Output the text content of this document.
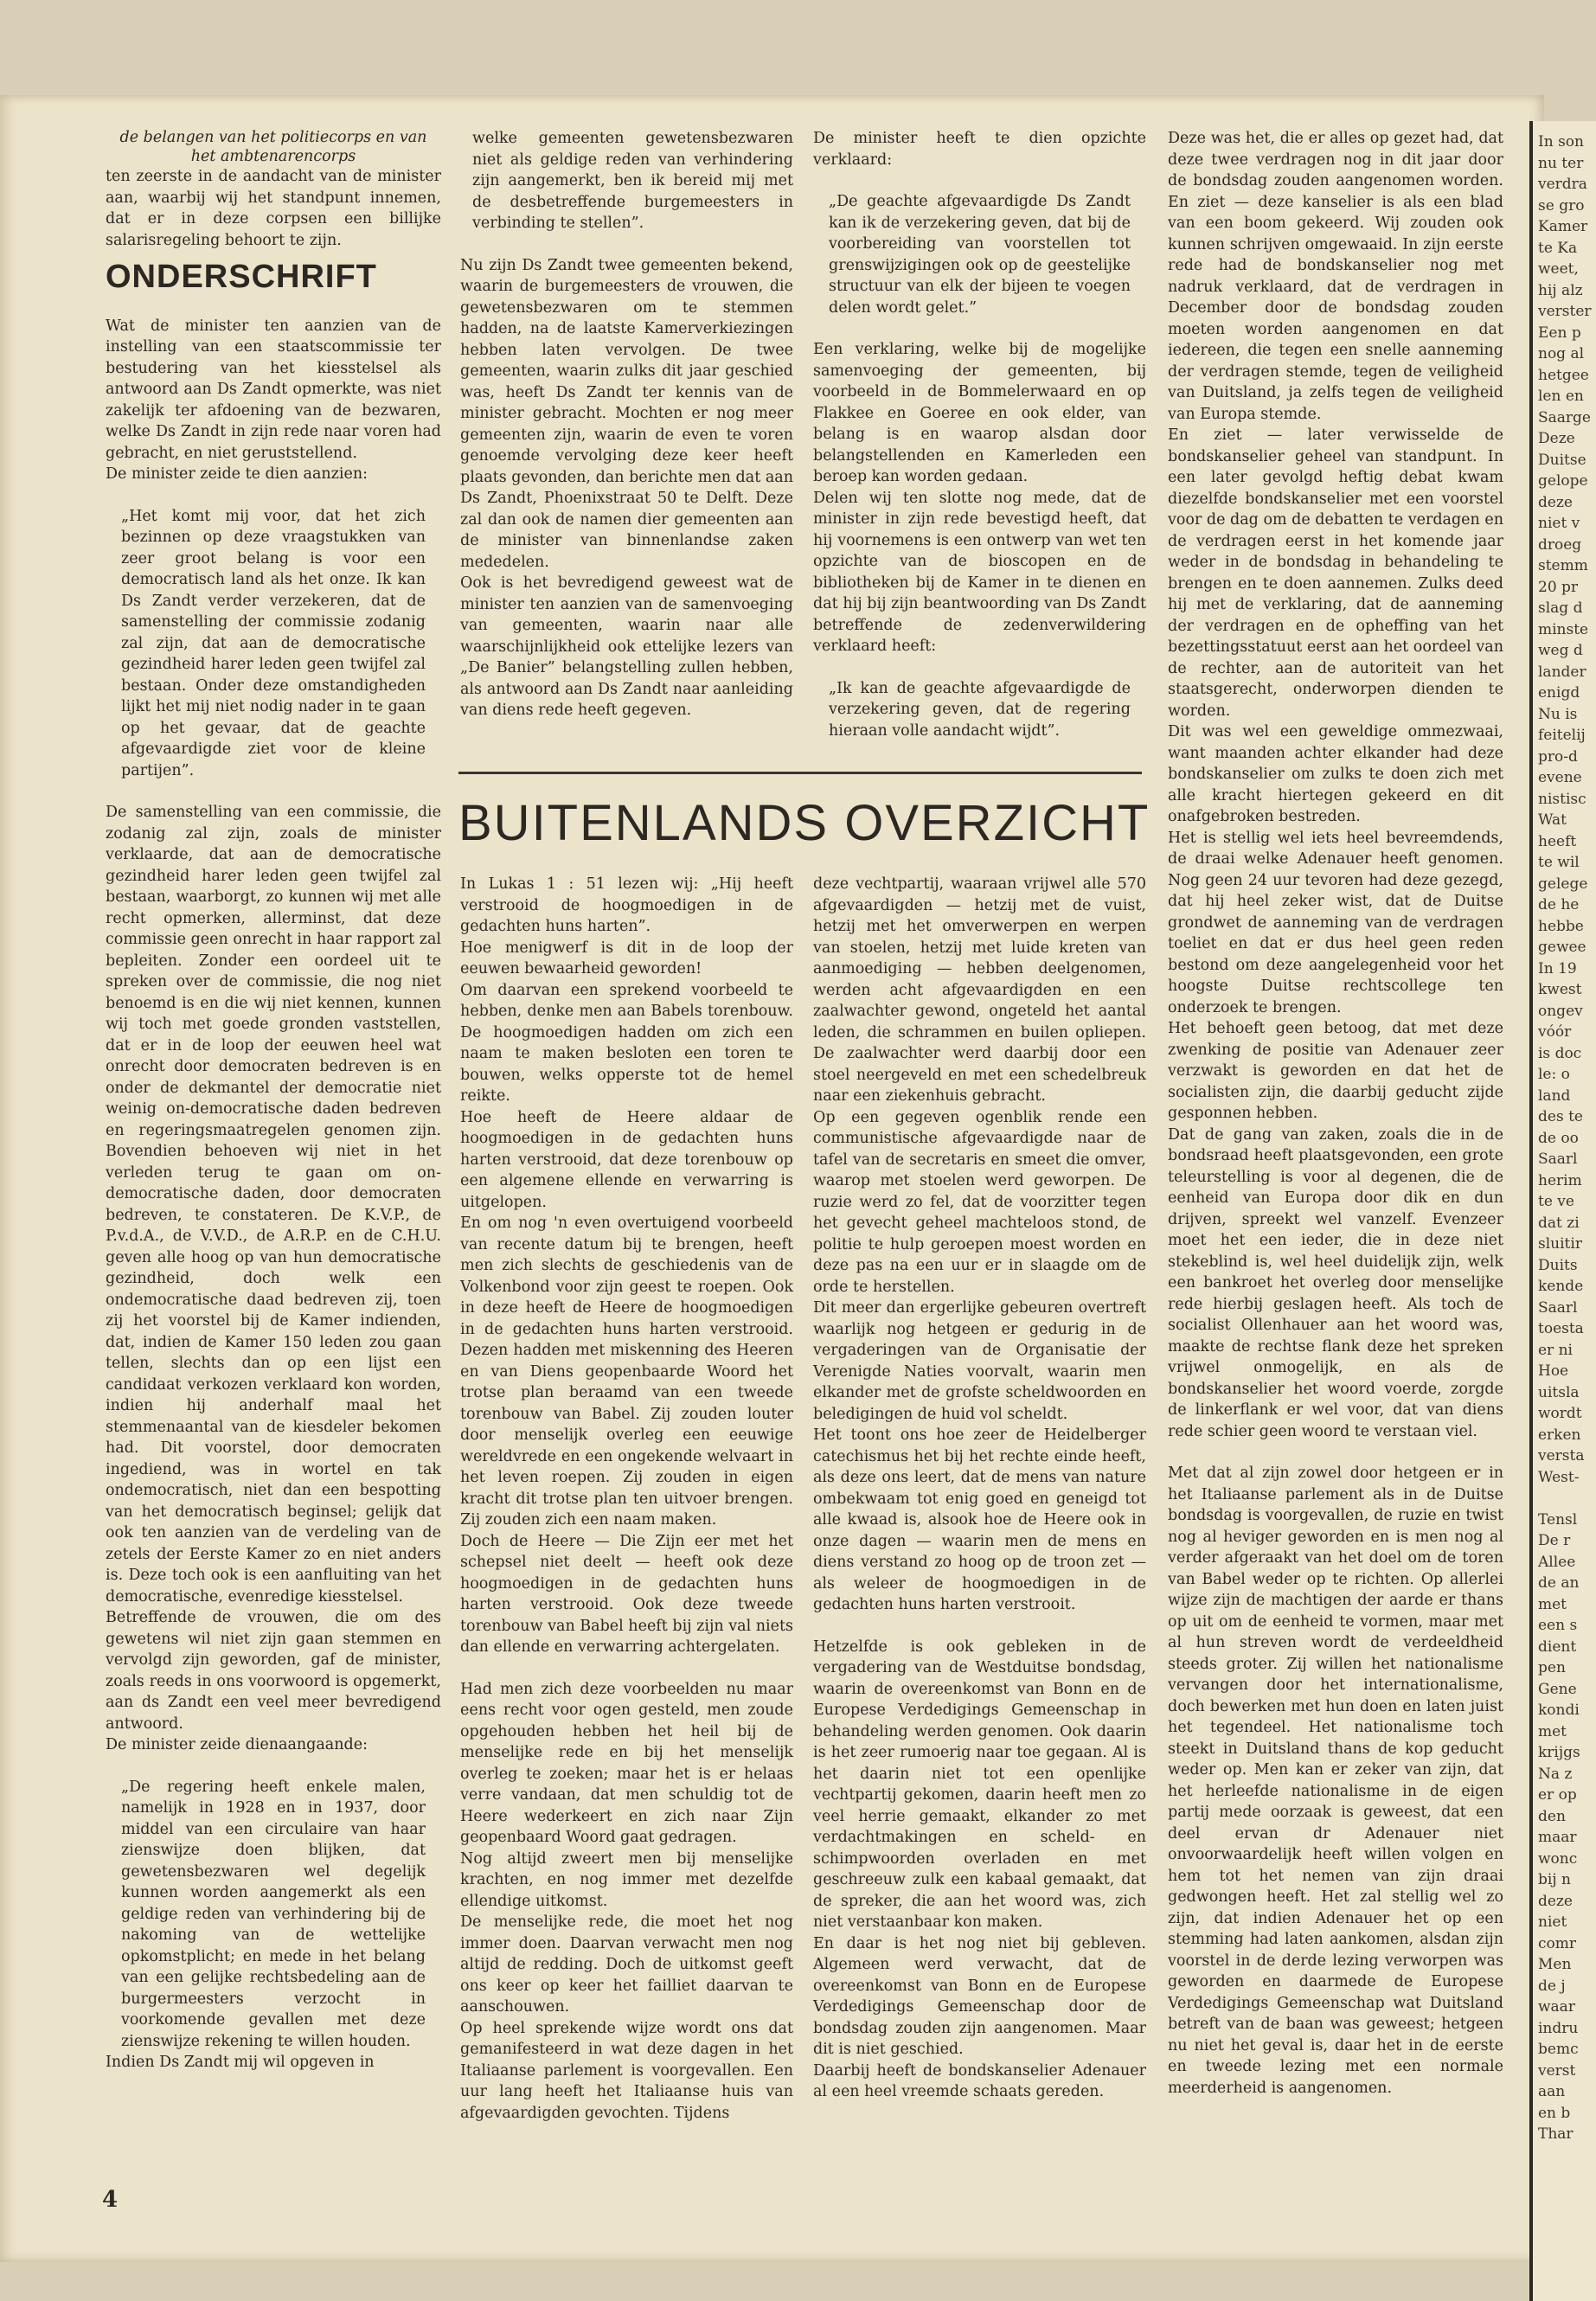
de belangen van het politiecorps en van het ambtenarencorps

ten zeerste in de aandacht van de minister aan, waarbij wij het standpunt innemen, dat er in deze corpsen een billijke salarisregeling behoort te zijn.

ONDERSCHRIFT

Wat de minister ten aanzien van de instelling van een staatscommissie ter bestudering van het kiesstelsel als antwoord aan Ds Zandt opmerkte, was niet zakelijk ter afdoening van de bezwaren, welke Ds Zandt in zijn rede naar voren had gebracht, en niet geruststellend.

De minister zeide te dien aanzien:

„Het komt mij voor, dat het zich bezinnen op deze vraagstukken van zeer groot belang is voor een democratisch land als het onze. Ik kan Ds Zandt verder verzekeren, dat de samenstelling der commissie zodanig zal zijn, dat aan de democratische gezindheid harer leden geen twijfel zal bestaan. Onder deze omstandigheden lijkt het mij niet nodig nader in te gaan op het gevaar, dat de geachte afgevaardigde ziet voor de kleine partijen”.

De samenstelling van een commissie, die zodanig zal zijn, zoals de minister verklaarde, dat aan de democratische gezindheid harer leden geen twijfel zal bestaan, waarborgt, zo kunnen wij met alle recht opmerken, allerminst, dat deze commissie geen onrecht in haar rapport zal bepleiten. Zonder een oordeel uit te spreken over de commissie, die nog niet benoemd is en die wij niet kennen, kunnen wij toch met goede gronden vaststellen, dat er in de loop der eeuwen heel wat onrecht door democraten bedreven is en onder de dekmantel der democratie niet weinig on-democratische daden bedreven en regeringsmaatregelen genomen zijn. Bovendien behoeven wij niet in het verleden terug te gaan om on-democratische daden, door democraten bedreven, te constateren. De K.V.P., de P.v.d.A., de V.V.D., de A.R.P. en de C.H.U. geven alle hoog op van hun democratische gezindheid, doch welk een ondemocratische daad bedreven zij, toen zij het voorstel bij de Kamer indienden, dat, indien de Kamer 150 leden zou gaan tellen, slechts dan op een lijst een candidaat verkozen verklaard kon worden, indien hij anderhalf maal het stemmenaantal van de kiesdeler bekomen had. Dit voorstel, door democraten ingediend, was in wortel en tak ondemocratisch, niet dan een bespotting van het democratisch beginsel; gelijk dat ook ten aanzien van de verdeling van de zetels der Eerste Kamer zo en niet anders is. Deze toch ook is een aanfluiting van het democratische, evenredige kiesstelsel.

Betreffende de vrouwen, die om des gewetens wil niet zijn gaan stemmen en vervolgd zijn geworden, gaf de minister, zoals reeds in ons voorwoord is opgemerkt, aan ds Zandt een veel meer bevredigend antwoord.

De minister zeide dienaangaande:

„De regering heeft enkele malen, namelijk in 1928 en in 1937, door middel van een circulaire van haar zienswijze doen blijken, dat gewetensbezwaren wel degelijk kunnen worden aangemerkt als een geldige reden van verhindering bij de nakoming van de wettelijke opkomstplicht; en mede in het belang van een gelijke rechtsbedeling aan de burgermeesters verzocht in voorkomende gevallen met deze zienswijze rekening te willen houden.

Indien Ds Zandt mij wil opgeven in

welke gemeenten gewetensbezwaren niet als geldige reden van verhindering zijn aangemerkt, ben ik bereid mij met de desbetreffende burgemeesters in verbinding te stellen”.

Nu zijn Ds Zandt twee gemeenten bekend, waarin de burgemeesters de vrouwen, die gewetensbezwaren om te stemmen hadden, na de laatste Kamerverkiezingen hebben laten vervolgen. De twee gemeenten, waarin zulks dit jaar geschied was, heeft Ds Zandt ter kennis van de minister gebracht. Mochten er nog meer gemeenten zijn, waarin de even te voren genoemde vervolging deze keer heeft plaats gevonden, dan berichte men dat aan Ds Zandt, Phoenixstraat 50 te Delft. Deze zal dan ook de namen dier gemeenten aan de minister van binnenlandse zaken mededelen.

Ook is het bevredigend geweest wat de minister ten aanzien van de samenvoeging van gemeenten, waarin naar alle waarschijnlijkheid ook ettelijke lezers van „De Banier” belangstelling zullen hebben, als antwoord aan Ds Zandt naar aanleiding van diens rede heeft gegeven.

De minister heeft te dien opzichte verklaard:

„De geachte afgevaardigde Ds Zandt kan ik de verzekering geven, dat bij de voorbereiding van voorstellen tot grenswijzigingen ook op de geestelijke structuur van elk der bijeen te voegen delen wordt gelet.”

Een verklaring, welke bij de mogelijke samenvoeging der gemeenten, bij voorbeeld in de Bommelerwaard en op Flakkee en Goeree en ook elder, van belang is en waarop alsdan door belangstellenden en Kamerleden een beroep kan worden gedaan.

Delen wij ten slotte nog mede, dat de minister in zijn rede bevestigd heeft, dat hij voornemens is een ontwerp van wet ten opzichte van de bioscopen en de bibliotheken bij de Kamer in te dienen en dat hij bij zijn beantwoording van Ds Zandt betreffende de zedenverwildering verklaard heeft:

„Ik kan de geachte afgevaardigde de verzekering geven, dat de regering hieraan volle aandacht wijdt”.

BUITENLANDS OVERZICHT

In Lukas 1 : 51 lezen wij: „Hij heeft verstrooid de hoogmoedigen in de gedachten huns harten”.

Hoe menigwerf is dit in de loop der eeuwen bewaarheid geworden!

Om daarvan een sprekend voorbeeld te hebben, denke men aan Babels torenbouw. De hoogmoedigen hadden om zich een naam te maken besloten een toren te bouwen, welks opperste tot de hemel reikte.

Hoe heeft de Heere aldaar de hoogmoedigen in de gedachten huns harten verstrooid, dat deze torenbouw op een algemene ellende en verwarring is uitgelopen.

En om nog 'n even overtuigend voorbeeld van recente datum bij te brengen, heeft men zich slechts de geschiedenis van de Volkenbond voor zijn geest te roepen. Ook in deze heeft de Heere de hoogmoedigen in de gedachten huns harten verstrooid. Dezen hadden met miskenning des Heeren en van Diens geopenbaarde Woord het trotse plan beraamd van een tweede torenbouw van Babel. Zij zouden louter door menselijk overleg een eeuwige wereldvrede en een ongekende welvaart in het leven roepen. Zij zouden in eigen kracht dit trotse plan ten uitvoer brengen. Zij zouden zich een naam maken.

Doch de Heere — Die Zijn eer met het schepsel niet deelt — heeft ook deze hoogmoedigen in de gedachten huns harten verstrooid. Ook deze tweede torenbouw van Babel heeft bij zijn val niets dan ellende en verwarring achtergelaten.

Had men zich deze voorbeelden nu maar eens recht voor ogen gesteld, men zoude opgehouden hebben het heil bij de menselijke rede en bij het menselijk overleg te zoeken; maar het is er helaas verre vandaan, dat men schuldig tot de Heere wederkeert en zich naar Zijn geopenbaard Woord gaat gedragen.

Nog altijd zweert men bij menselijke krachten, en nog immer met dezelfde ellendige uitkomst.

De menselijke rede, die moet het nog immer doen. Daarvan verwacht men nog altijd de redding. Doch de uitkomst geeft ons keer op keer het failliet daarvan te aanschouwen.

Op heel sprekende wijze wordt ons dat gemanifesteerd in wat deze dagen in het Italiaanse parlement is voorgevallen. Een uur lang heeft het Italiaanse huis van afgevaardigden gevochten. Tijdens

deze vechtpartij, waaraan vrijwel alle 570 afgevaardigden — hetzij met de vuist, hetzij met het omverwerpen en werpen van stoelen, hetzij met luide kreten van aanmoediging — hebben deelgenomen, werden acht afgevaardigden en een zaalwachter gewond, ongeteld het aantal leden, die schrammen en builen opliepen. De zaalwachter werd daarbij door een stoel neergeveld en met een schedelbreuk naar een ziekenhuis gebracht.

Op een gegeven ogenblik rende een communistische afgevaardigde naar de tafel van de secretaris en smeet die omver, waarop met stoelen werd geworpen. De ruzie werd zo fel, dat de voorzitter tegen het gevecht geheel machteloos stond, de politie te hulp geroepen moest worden en deze pas na een uur er in slaagde om de orde te herstellen.

Dit meer dan ergerlijke gebeuren overtreft waarlijk nog hetgeen er gedurig in de vergaderingen van de Organisatie der Verenigde Naties voorvalt, waarin men elkander met de grofste scheldwoorden en beledigingen de huid vol scheldt.

Het toont ons hoe zeer de Heidelberger catechismus het bij het rechte einde heeft, als deze ons leert, dat de mens van nature ombekwaam tot enig goed en geneigd tot alle kwaad is, alsook hoe de Heere ook in onze dagen — waarin men de mens en diens verstand zo hoog op de troon zet — als weleer de hoogmoedigen in de gedachten huns harten verstrooit.

Hetzelfde is ook gebleken in de vergadering van de Westduitse bondsdag, waarin de overeenkomst van Bonn en de Europese Verdedigings Gemeenschap in behandeling werden genomen. Ook daarin is het zeer rumoerig naar toe gegaan. Al is het daarin niet tot een openlijke vechtpartij gekomen, daarin heeft men zo veel herrie gemaakt, elkander zo met verdachtmakingen en scheld- en schimpwoorden overladen en met geschreeuw zulk een kabaal gemaakt, dat de spreker, die aan het woord was, zich niet verstaanbaar kon maken.

En daar is het nog niet bij gebleven. Algemeen werd verwacht, dat de overeenkomst van Bonn en de Europese Verdedigings Gemeenschap door de bondsdag zouden zijn aangenomen. Maar dit is niet geschied.

Daarbij heeft de bondskanselier Adenauer al een heel vreemde schaats gereden.

Deze was het, die er alles op gezet had, dat deze twee verdragen nog in dit jaar door de bondsdag zouden aangenomen worden. En ziet — deze kanselier is als een blad van een boom gekeerd. Wij zouden ook kunnen schrijven omgewaaid. In zijn eerste rede had de bondskanselier nog met nadruk verklaard, dat de verdragen in December door de bondsdag zouden moeten worden aangenomen en dat iedereen, die tegen een snelle aanneming der verdragen stemde, tegen de veiligheid van Duitsland, ja zelfs tegen de veiligheid van Europa stemde.

En ziet — later verwisselde de bondskanselier geheel van standpunt. In een later gevolgd heftig debat kwam diezelfde bondskanselier met een voorstel voor de dag om de debatten te verdagen en de verdragen eerst in het komende jaar weder in de bondsdag in behandeling te brengen en te doen aannemen. Zulks deed hij met de verklaring, dat de aanneming der verdragen en de opheffing van het bezettingsstatuut eerst aan het oordeel van de rechter, aan de autoriteit van het staatsgerecht, onderworpen dienden te worden.

Dit was wel een geweldige ommezwaai, want maanden achter elkander had deze bondskanselier om zulks te doen zich met alle kracht hiertegen gekeerd en dit onafgebroken bestreden.

Het is stellig wel iets heel bevreemdends, de draai welke Adenauer heeft genomen. Nog geen 24 uur tevoren had deze gezegd, dat hij heel zeker wist, dat de Duitse grondwet de aanneming van de verdragen toeliet en dat er dus heel geen reden bestond om deze aangelegenheid voor het hoogste Duitse rechtscollege ten onderzoek te brengen.

Het behoeft geen betoog, dat met deze zwenking de positie van Adenauer zeer verzwakt is geworden en dat het de socialisten zijn, die daarbij geducht zijde gesponnen hebben.

Dat de gang van zaken, zoals die in de bondsraad heeft plaatsgevonden, een grote teleurstelling is voor al degenen, die de eenheid van Europa door dik en dun drijven, spreekt wel vanzelf. Evenzeer moet het een ieder, die in deze niet stekeblind is, wel heel duidelijk zijn, welk een bankroet het overleg door menselijke rede hierbij geslagen heeft. Als toch de socialist Ollenhauer aan het woord was, maakte de rechtse flank deze het spreken vrijwel onmogelijk, en als de bondskanselier het woord voerde, zorgde de linkerflank er wel voor, dat van diens rede schier geen woord te verstaan viel.

Met dat al zijn zowel door hetgeen er in het Italiaanse parlement als in de Duitse bondsdag is voorgevallen, de ruzie en twist nog al heviger geworden en is men nog al verder afgeraakt van het doel om de toren van Babel weder op te richten. Op allerlei wijze zijn de machtigen der aarde er thans op uit om de eenheid te vormen, maar met al hun streven wordt de verdeeldheid steeds groter. Zij willen het nationalisme vervangen door het internationalisme, doch bewerken met hun doen en laten juist het tegendeel. Het nationalisme toch steekt in Duitsland thans de kop geducht weder op. Men kan er zeker van zijn, dat het herleefde nationalisme in de eigen partij mede oorzaak is geweest, dat een deel ervan dr Adenauer niet onvoorwaardelijk heeft willen volgen en hem tot het nemen van zijn draai gedwongen heeft. Het zal stellig wel zo zijn, dat indien Adenauer het op een stemming had laten aankomen, alsdan zijn voorstel in de derde lezing verworpen was geworden en daarmede de Europese Verdedigings Gemeenschap wat Duitsland betreft van de baan was geweest; hetgeen nu niet het geval is, daar het in de eerste en tweede lezing met een normale meerderheid is aangenomen.

4
In son
nu ter
verdra
se gro
Kamer
te Ka
weet,
hij alz
verster
Een p
nog al
hetgee
len en
Saarge
Deze
Duitse
gelope
deze
niet v
droeg
stemm
20 pr
slag d
minste
weg d
lander
enigd
Nu is
feitelij
pro-d
evene
nistisc
Wat
heeft
te wil
gelege
de he
hebbe
gewee
In 19
kwest
ongev
vóór
is doc
le: o
land
des te
de oo
Saarl
herim
te ve
dat zi
sluitir
Duits
kende
Saarl
toesta
er ni
Hoe
uitsla
wordt
erken
versta
West-

Tensl
De r
Allee
de an
met
een s
dient
pen
Gene
kondi
met
krijgs
Na z
er op
den
maar
wonc
bij n
deze
niet
comr
Men
de j
waar
indru
bemc
verst
aan
en b
Thar
